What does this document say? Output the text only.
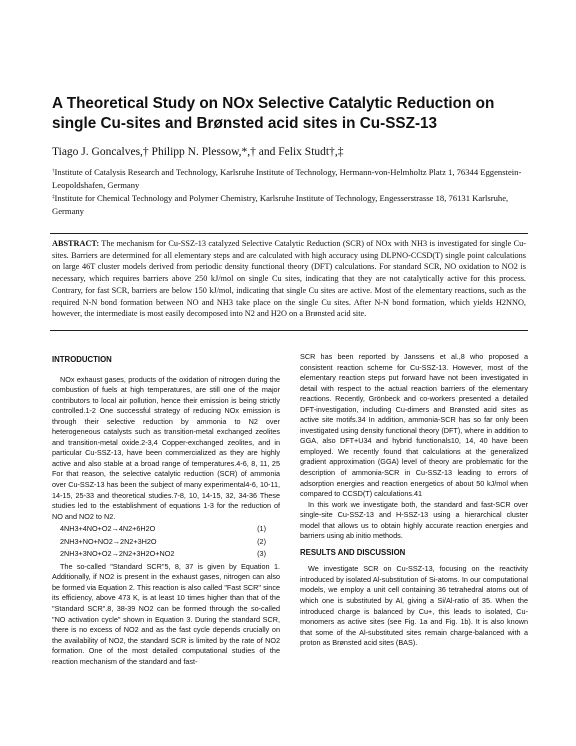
A Theoretical Study on NOx Selective Catalytic Reduction on single Cu-sites and Brønsted acid sites in Cu-SSZ-13

Tiago J. Goncalves,† Philipp N. Plessow,*,† and Felix Studt†,‡

†Institute of Catalysis Research and Technology, Karlsruhe Institute of Technology, Hermann-von-Helmholtz Platz 1, 76344 Eggenstein-Leopoldshafen, Germany

‡Institute for Chemical Technology and Polymer Chemistry, Karlsruhe Institute of Technology, Engesserstrasse 18, 76131 Karlsruhe, Germany

ABSTRACT: The mechanism for Cu-SSZ-13 catalyzed Selective Catalytic Reduction (SCR) of NOx with NH3 is investigated for single Cu-sites. Barriers are determined for all elementary steps and are calculated with high accuracy using DLPNO-CCSD(T) single point calculations on large 46T cluster models derived from periodic density functional theory (DFT) calculations. For standard SCR, NO oxidation to NO2 is necessary, which requires barriers above 250 kJ/mol on single Cu sites, indicating that they are not catalytically active for this process. Contrary, for fast SCR, barriers are below 150 kJ/mol, indicating that single Cu sites are active. Most of the elementary reactions, such as the required N-N bond formation between NO and NH3 take place on the single Cu sites. After N-N bond formation, which yields H2NNO, however, the intermediate is most easily decomposed into N2 and H2O on a Brønsted acid site.
INTRODUCTION

NOx exhaust gases, products of the oxidation of nitrogen during the combustion of fuels at high temperatures, are still one of the major contributors to local air pollution, hence their emission is being strictly controlled.1-2 One successful strategy of reducing NOx emission is through their selective reduction by ammonia to N2 over heterogeneous catalysts such as transition-metal exchanged zeolites and transition-metal oxide.2-3,4 Copper-exchanged zeolites, and in particular Cu-SSZ-13, have been commercialized as they are highly active and also stable at a broad range of temperatures.4-6, 8, 11, 25 For that reason, the selective catalytic reduction (SCR) of ammonia over Cu-SSZ-13 has been the subject of many experimental4-6, 10-11, 14-15, 25-33 and theoretical studies.7-8, 10, 14-15, 32, 34-36 These studies led to the establishment of equations 1-3 for the reduction of NO and NO2 to N2.

4NH3+4NO+O2→4N2+6H2O	(1)
2NH3+NO+NO2→2N2+3H2O	(2)
2NH3+3NO+O2→2N2+3H2O+NO2	(3)

The so-called "Standard SCR"5, 8, 37 is given by Equation 1. Additionally, if NO2 is present in the exhaust gases, nitrogen can also be formed via Equation 2. This reaction is also called "Fast SCR" since its efficiency, above 473 K, is at least 10 times higher than that of the "Standard SCR".8, 38-39 NO2 can be formed through the so-called "NO activation cycle" shown in Equation 3. During the standard SCR, there is no excess of NO2 and as the fast cycle depends crucially on the availability of NO2, the standard SCR is limited by the rate of NO2 formation. One of the most detailed computational studies of the reaction mechanism of the standard and fast-

SCR has been reported by Janssens et al.,8 who proposed a consistent reaction scheme for Cu-SSZ-13. However, most of the elementary reaction steps put forward have not been investigated in detail with respect to the actual reaction barriers of the elementary reactions. Recently, Grönbeck and co-workers presented a detailed DFT-investigation, including Cu-dimers and Brønsted acid sites as active site motifs.34 In addition, ammonia-SCR has so far only been investigated using density functional theory (DFT), where in addition to GGA, also DFT+U34 and hybrid functionals10, 14, 40 have been employed. We recently found that calculations at the generalized gradient approximation (GGA) level of theory are problematic for the description of ammonia-SCR in Cu-SSZ-13 leading to errors of adsorption energies and reaction energetics of about 50 kJ/mol when compared to CCSD(T) calculations.41

In this work we investigate both, the standard and fast-SCR over single-site Cu-SSZ-13 and H-SSZ-13 using a hierarchical cluster model that allows us to obtain highly accurate reaction energies and barriers using ab initio methods.

RESULTS AND DISCUSSION

We investigate SCR on Cu-SSZ-13, focusing on the reactivity introduced by isolated Al-substitution of Si-atoms. In our computational models, we employ a unit cell containing 36 tetrahedral atoms out of which one is substituted by Al, giving a Si/Al-ratio of 35. When the introduced charge is balanced by Cu+, this leads to isolated, Cu-monomers as active sites (see Fig. 1a and Fig. 1b). It is also known that some of the Al-substituted sites remain charge-balanced with a proton as Brønsted acid sites (BAS).
